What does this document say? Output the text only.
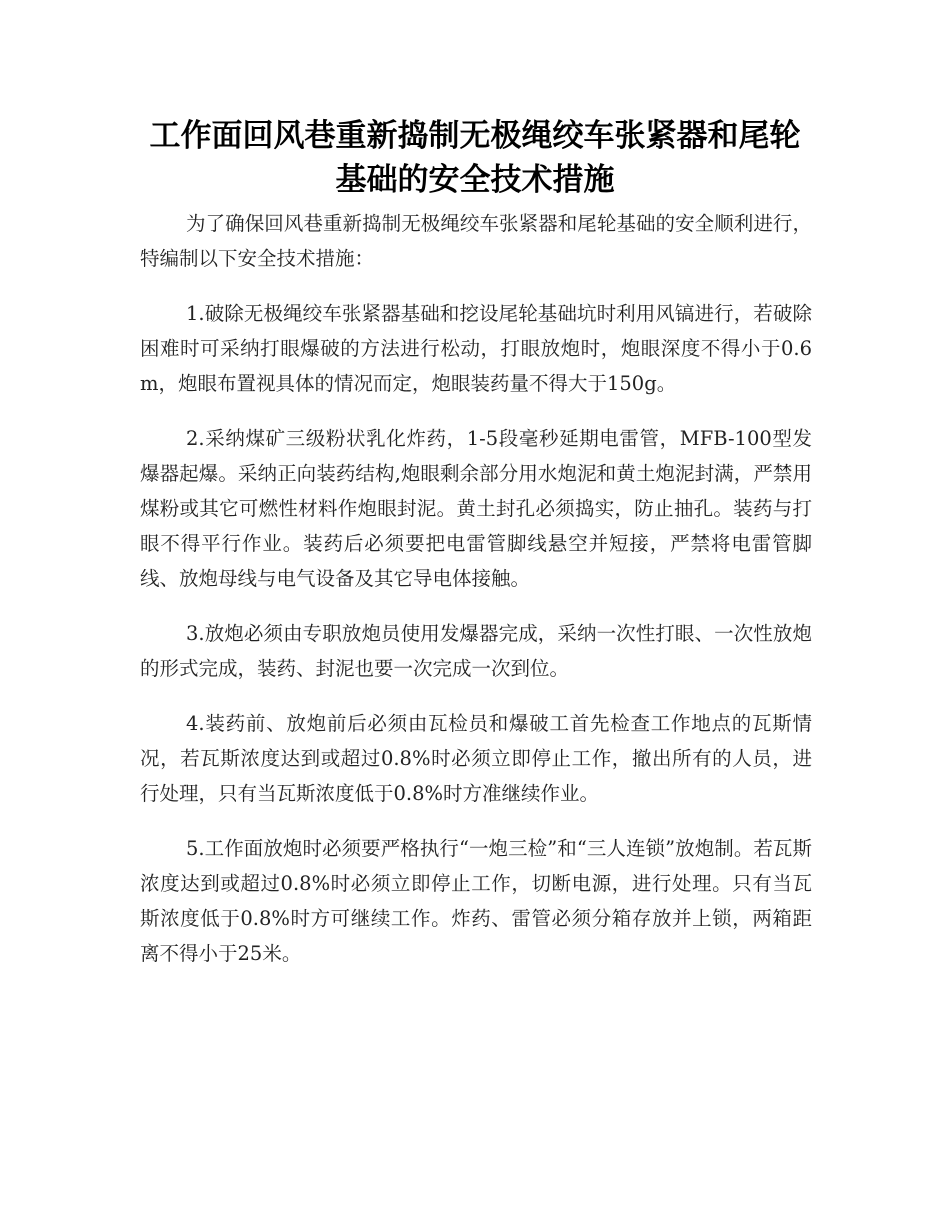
工作面回风巷重新捣制无极绳绞车张紧器和尾轮基础的安全技术措施

为了确保回风巷重新捣制无极绳绞车张紧器和尾轮基础的安全顺利进行，特编制以下安全技术措施：

1.破除无极绳绞车张紧器基础和挖设尾轮基础坑时利用风镐进行，若破除困难时可采纳打眼爆破的方法进行松动，打眼放炮时，炮眼深度不得小于0.6m，炮眼布置视具体的情况而定，炮眼装药量不得大于150g。

2.采纳煤矿三级粉状乳化炸药，1-5段毫秒延期电雷管，MFB-100型发爆器起爆。采纳正向装药结构,炮眼剩余部分用水炮泥和黄土炮泥封满，严禁用煤粉或其它可燃性材料作炮眼封泥。黄土封孔必须捣实，防止抽孔。装药与打眼不得平行作业。装药后必须要把电雷管脚线悬空并短接，严禁将电雷管脚线、放炮母线与电气设备及其它导电体接触。

3.放炮必须由专职放炮员使用发爆器完成，采纳一次性打眼、一次性放炮的形式完成，装药、封泥也要一次完成一次到位。

4.装药前、放炮前后必须由瓦检员和爆破工首先检查工作地点的瓦斯情况，若瓦斯浓度达到或超过0.8%时必须立即停止工作，撤出所有的人员，进行处理，只有当瓦斯浓度低于0.8%时方准继续作业。

5.工作面放炮时必须要严格执行“一炮三检”和“三人连锁”放炮制。若瓦斯浓度达到或超过0.8%时必须立即停止工作，切断电源，进行处理。只有当瓦斯浓度低于0.8%时方可继续工作。炸药、雷管必须分箱存放并上锁，两箱距离不得小于25米。
